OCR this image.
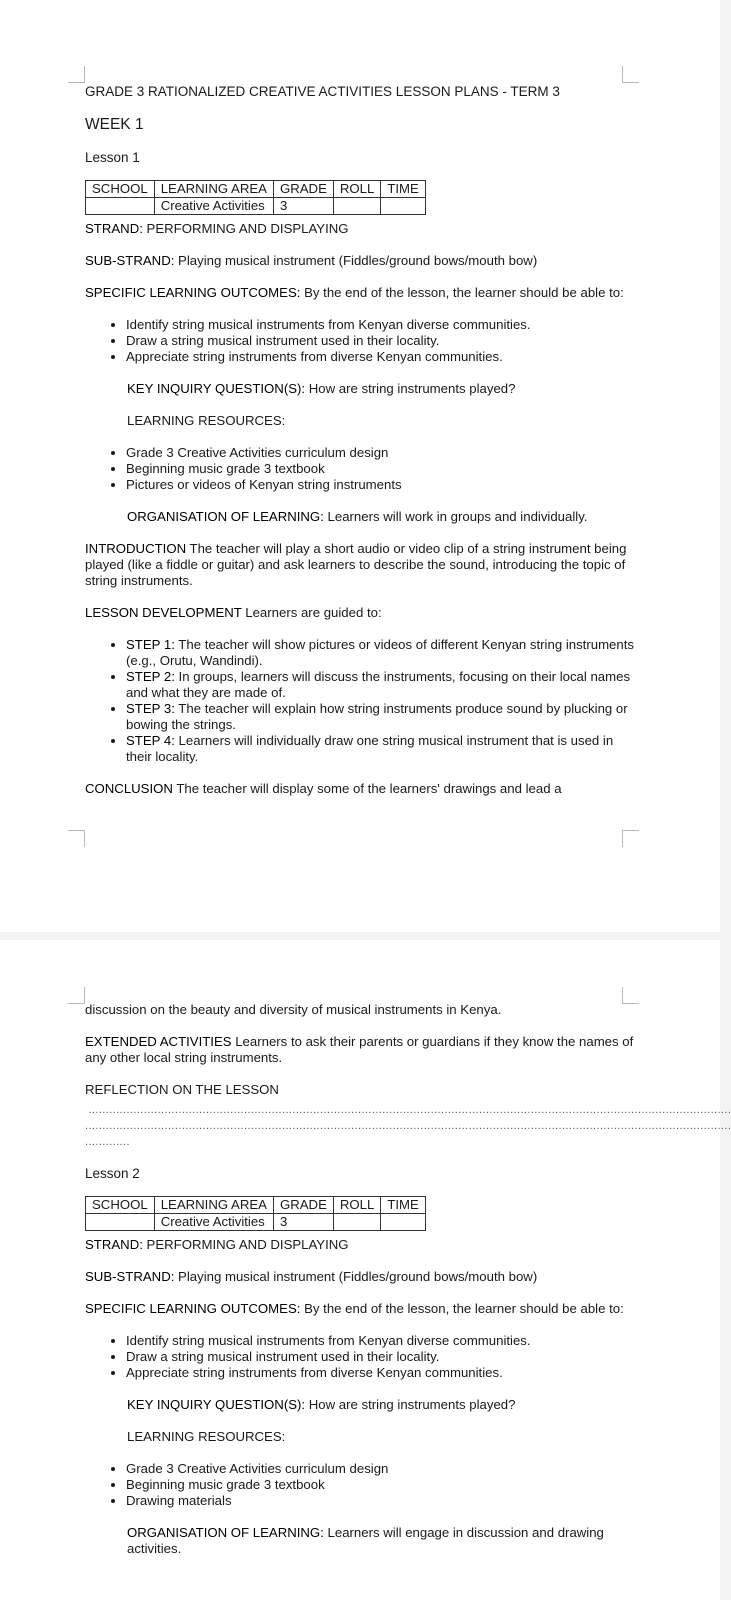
GRADE 3 RATIONALIZED CREATIVE ACTIVITIES LESSON PLANS - TERM 3

WEEK 1

Lesson 1

SCHOOL	LEARNING AREA	GRADE	ROLL	TIME
	Creative Activities	3		

STRAND: PERFORMING AND DISPLAYING

SUB-STRAND: Playing musical instrument (Fiddles/ground bows/mouth bow)

SPECIFIC LEARNING OUTCOMES: By the end of the lesson, the learner should be able to:

• Identify string musical instruments from Kenyan diverse communities.
• Draw a string musical instrument used in their locality.
• Appreciate string instruments from diverse Kenyan communities.

KEY INQUIRY QUESTION(S): How are string instruments played?

LEARNING RESOURCES:

• Grade 3 Creative Activities curriculum design
• Beginning music grade 3 textbook
• Pictures or videos of Kenyan string instruments

ORGANISATION OF LEARNING: Learners will work in groups and individually.

INTRODUCTION The teacher will play a short audio or video clip of a string instrument being played (like a fiddle or guitar) and ask learners to describe the sound, introducing the topic of string instruments.

LESSON DEVELOPMENT Learners are guided to:

• STEP 1: The teacher will show pictures or videos of different Kenyan string instruments (e.g., Orutu, Wandindi).
• STEP 2: In groups, learners will discuss the instruments, focusing on their local names and what they are made of.
• STEP 3: The teacher will explain how string instruments produce sound by plucking or bowing the strings.
• STEP 4: Learners will individually draw one string musical instrument that is used in their locality.

CONCLUSION The teacher will display some of the learners' drawings and lead a

discussion on the beauty and diversity of musical instruments in Kenya.

EXTENDED ACTIVITIES Learners to ask their parents or guardians if they know the names of any other local string instruments.

REFLECTION ON THE LESSON

..........................................................................................................................................................................................
...........................................................................................................................................................................................
.............

Lesson 2

SCHOOL	LEARNING AREA	GRADE	ROLL	TIME
	Creative Activities	3		

STRAND: PERFORMING AND DISPLAYING

SUB-STRAND: Playing musical instrument (Fiddles/ground bows/mouth bow)

SPECIFIC LEARNING OUTCOMES: By the end of the lesson, the learner should be able to:

• Identify string musical instruments from Kenyan diverse communities.
• Draw a string musical instrument used in their locality.
• Appreciate string instruments from diverse Kenyan communities.

KEY INQUIRY QUESTION(S): How are string instruments played?

LEARNING RESOURCES:

• Grade 3 Creative Activities curriculum design
• Beginning music grade 3 textbook
• Drawing materials

ORGANISATION OF LEARNING: Learners will engage in discussion and drawing activities.
